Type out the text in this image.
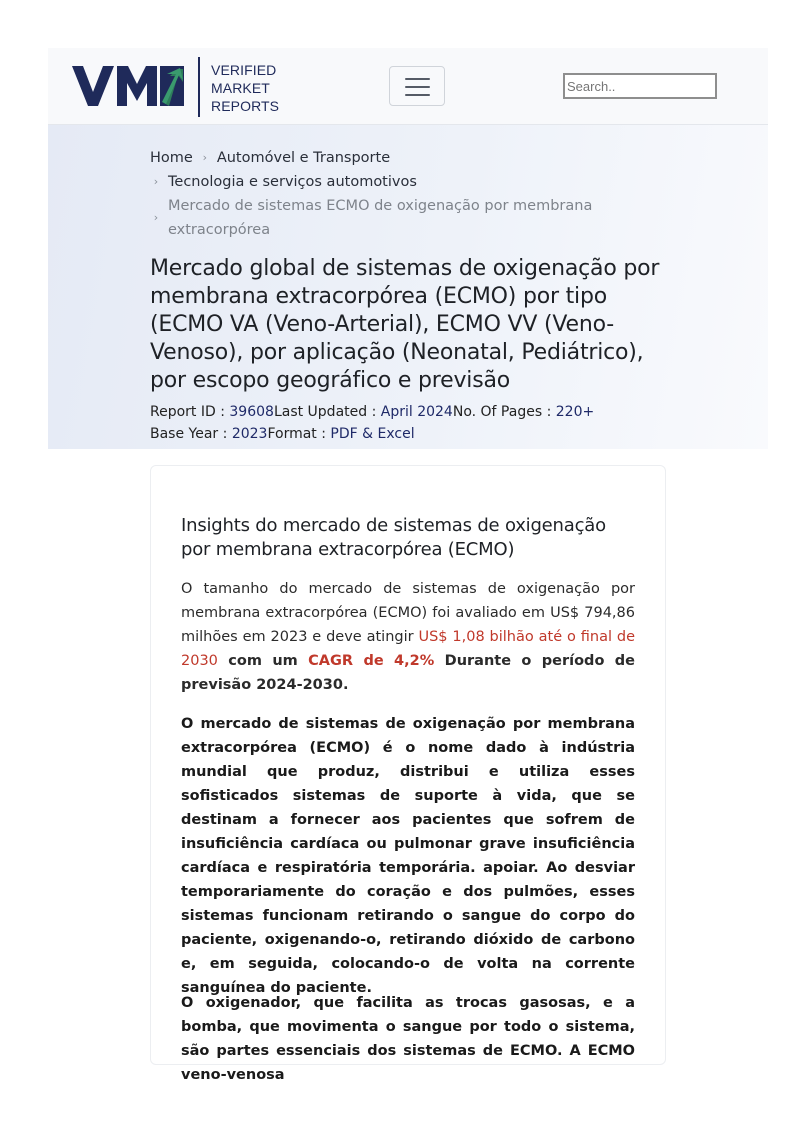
VERIFIED
MARKET
REPORTS
Search..
Home › Automóvel e Transporte
› Tecnologia e serviços automotivos
›
Mercado de sistemas ECMO de oxigenação por membrana extracorpórea
Mercado global de sistemas de oxigenação por membrana extracorpórea (ECMO) por tipo (ECMO VA (Veno-Arterial), ECMO VV (Veno-Venoso), por aplicação (Neonatal, Pediátrico), por escopo geográfico e previsão
Report ID : 39608Last Updated : April 2024No. Of Pages : 220+
Base Year : 2023Format : PDF & Excel
Insights do mercado de sistemas de oxigenação por membrana extracorpórea (ECMO)

O tamanho do mercado de sistemas de oxigenação por membrana extracorpórea (ECMO) foi avaliado em US$ 794,86 milhões em 2023 e deve atingir US$ 1,08 bilhão até o final de 2030 com um CAGR de 4,2% Durante o período de previsão 2024-2030.

O mercado de sistemas de oxigenação por membrana extracorpórea (ECMO) é o nome dado à indústria mundial que produz, distribui e utiliza esses sofisticados sistemas de suporte à vida, que se destinam a fornecer aos pacientes que sofrem de insuficiência cardíaca ou pulmonar grave insuficiência cardíaca e respiratória temporária. apoiar. Ao desviar temporariamente do coração e dos pulmões, esses sistemas funcionam retirando o sangue do corpo do paciente, oxigenando-o, retirando dióxido de carbono e, em seguida, colocando-o de volta na corrente sanguínea do paciente.

O oxigenador, que facilita as trocas gasosas, e a bomba, que movimenta o sangue por todo o sistema, são partes essenciais dos sistemas de ECMO. A ECMO veno-venosa
